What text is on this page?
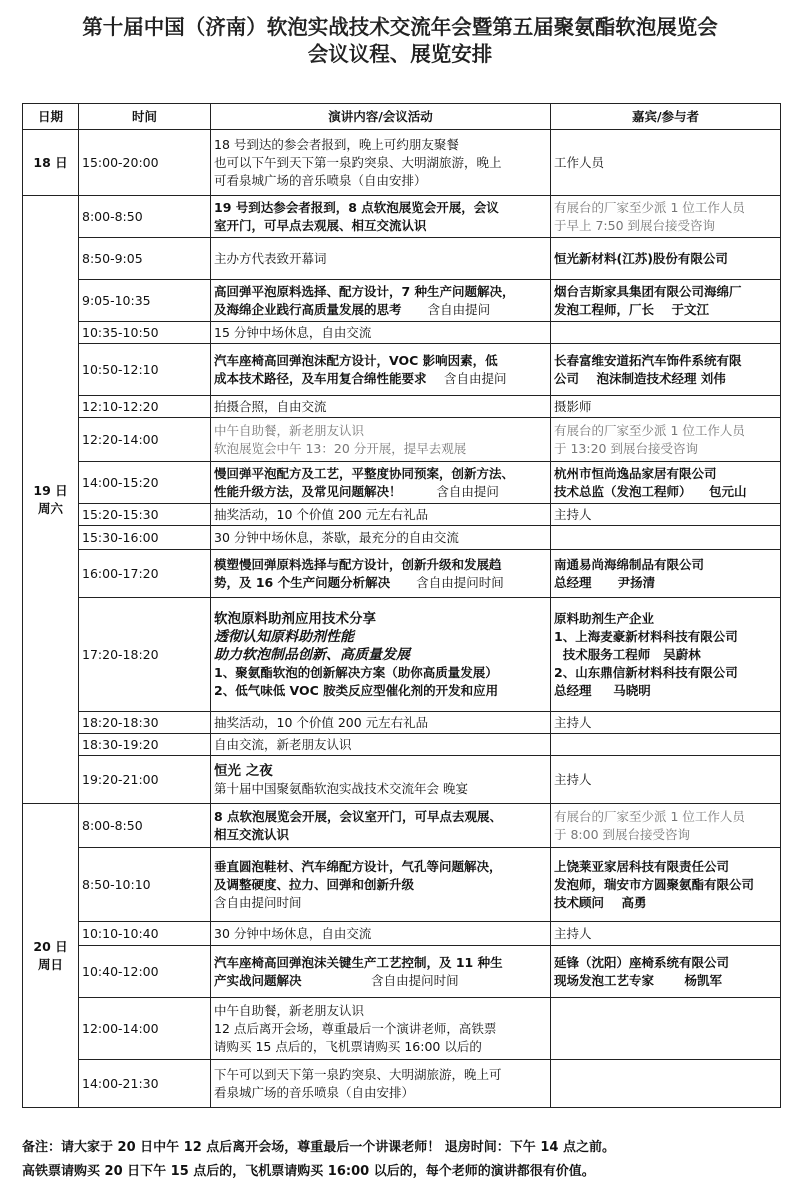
第十届中国（济南）软泡实战技术交流年会暨第五届聚氨酯软泡展览会
会议议程、展览安排
日期	时间	演讲内容/会议活动	嘉宾/参与者

18 日	15:00-20:00	18 号到达的参会者报到，晚上可约朋友聚餐
也可以下午到天下第一泉趵突泉、大明湖旅游，晚上
可看泉城广场的音乐喷泉（自由安排）	工作人员

19 日
周六	8:00-8:50	19 号到达参会者报到，8 点软泡展览会开展，会议
室开门，可早点去观展、相互交流认识	有展台的厂家至少派 1 位工作人员
于早上 7:50 到展台接受咨询

	8:50-9:05	主办方代表致开幕词	恒光新材料(江苏)股份有限公司

	9:05-10:35	高回弹平泡原料选择、配方设计，7 种生产问题解决，
及海绵企业践行高质量发展的思考 含自由提问	烟台吉斯家具集团有限公司海绵厂
发泡工程师，厂长 于文江

	10:35-10:50	15 分钟中场休息，自由交流	

	10:50-12:10	汽车座椅高回弹泡沫配方设计，VOC 影响因素，低
成本技术路径，及车用复合绵性能要求 含自由提问	长春富维安道拓汽车饰件系统有限
公司 泡沫制造技术经理 刘伟

	12:10-12:20	拍摄合照，自由交流	摄影师

	12:20-14:00	中午自助餐，新老朋友认识
软泡展览会中午 13：20 分开展，提早去观展	有展台的厂家至少派 1 位工作人员
于 13:20 到展台接受咨询

	14:00-15:20	慢回弹平泡配方及工艺，平整度协同预案，创新方法、
性能升级方法，及常见问题解决！ 含自由提问	杭州市恒尚逸品家居有限公司
技术总监（发泡工程师） 包元山

	15:20-15:30	抽奖活动，10 个价值 200 元左右礼品	主持人

	15:30-16:00	30 分钟中场休息，茶歇，最充分的自由交流	

	16:00-17:20	模塑慢回弹原料选择与配方设计，创新升级和发展趋
势，及 16 个生产问题分析解决 含自由提问时间	南通易尚海绵制品有限公司
总经理 尹扬清

	17:20-18:20	软泡原料助剂应用技术分享
透彻认知原料助剂性能
助力软泡制品创新、高质量发展
1、聚氨酯软泡的创新解决方案（助你高质量发展）
2、低气味低 VOC 胺类反应型催化剂的开发和应用	原料助剂生产企业
1、上海麦豪新材料科技有限公司
技术服务工程师 吴蔚林
2、山东鼎信新材料科技有限公司
总经理 马晓明

	18:20-18:30	抽奖活动，10 个价值 200 元左右礼品	主持人

	18:30-19:20	自由交流，新老朋友认识	

	19:20-21:00	恒光 之夜
第十届中国聚氨酯软泡实战技术交流年会 晚宴	主持人

20 日
周日	8:00-8:50	8 点软泡展览会开展，会议室开门，可早点去观展、
相互交流认识	有展台的厂家至少派 1 位工作人员
于 8:00 到展台接受咨询

	8:50-10:10	垂直圆泡鞋材、汽车绵配方设计，气孔等问题解决，
及调整硬度、拉力、回弹和创新升级
含自由提问时间	上饶莱亚家居科技有限责任公司
发泡师，瑞安市方圆聚氨酯有限公司
技术顾问 高勇

	10:10-10:40	30 分钟中场休息，自由交流	主持人

	10:40-12:00	汽车座椅高回弹泡沫关键生产工艺控制，及 11 种生
产实战问题解决 含自由提问时间	延锋（沈阳）座椅系统有限公司
现场发泡工艺专家 杨凯军

	12:00-14:00	中午自助餐，新老朋友认识
12 点后离开会场，尊重最后一个演讲老师，高铁票
请购买 15 点后的，飞机票请购买 16:00 以后的	

	14:00-21:30	下午可以到天下第一泉趵突泉、大明湖旅游，晚上可
看泉城广场的音乐喷泉（自由安排）	

备注：请大家于 20 日中午 12 点后离开会场，尊重最后一个讲课老师！ 退房时间：下午 14 点之前。
高铁票请购买 20 日下午 15 点后的，飞机票请购买 16:00 以后的，每个老师的演讲都很有价值。
